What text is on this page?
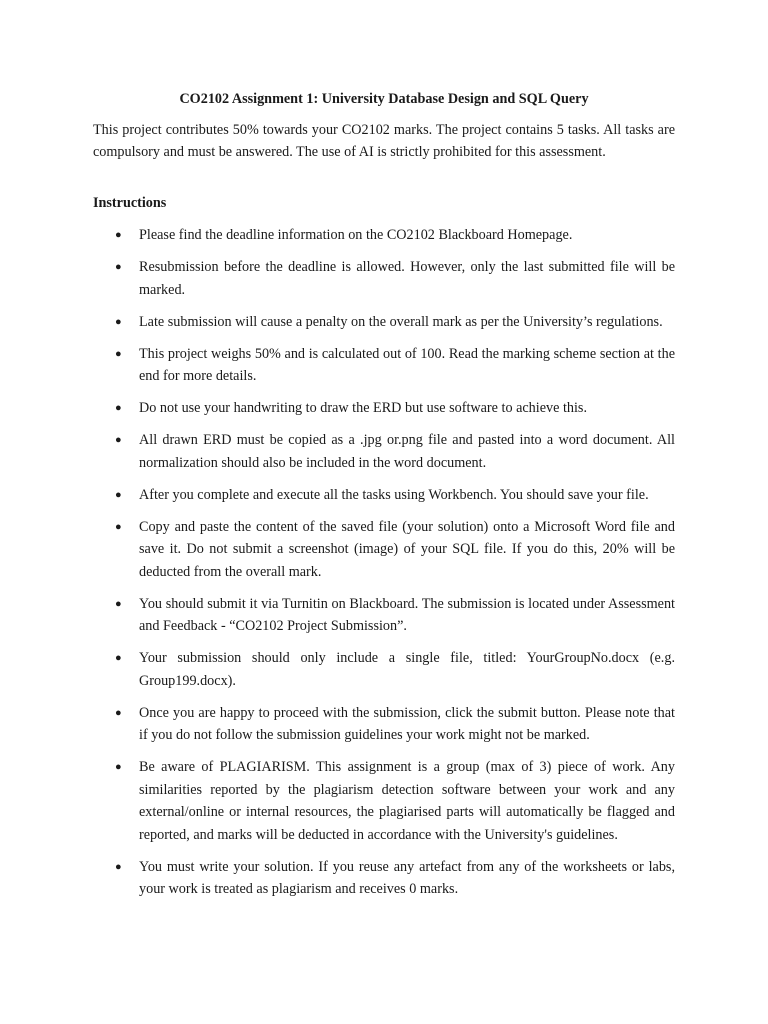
CO2102 Assignment 1: University Database Design and SQL Query

This project contributes 50% towards your CO2102 marks. The project contains 5 tasks. All tasks are compulsory and must be answered. The use of AI is strictly prohibited for this assessment.

Instructions
● Please find the deadline information on the CO2102 Blackboard Homepage.
● Resubmission before the deadline is allowed. However, only the last submitted file will be marked.
● Late submission will cause a penalty on the overall mark as per the University’s regulations.
● This project weighs 50% and is calculated out of 100. Read the marking scheme section at the end for more details.
● Do not use your handwriting to draw the ERD but use software to achieve this.
● All drawn ERD must be copied as a .jpg or.png file and pasted into a word document. All normalization should also be included in the word document.
● After you complete and execute all the tasks using Workbench. You should save your file.
● Copy and paste the content of the saved file (your solution) onto a Microsoft Word file and save it. Do not submit a screenshot (image) of your SQL file. If you do this, 20% will be deducted from the overall mark.
● You should submit it via Turnitin on Blackboard. The submission is located under Assessment and Feedback - “CO2102 Project Submission”.
● Your submission should only include a single file, titled: YourGroupNo.docx (e.g. Group199.docx).
● Once you are happy to proceed with the submission, click the submit button. Please note that if you do not follow the submission guidelines your work might not be marked.
● Be aware of PLAGIARISM. This assignment is a group (max of 3) piece of work. Any similarities reported by the plagiarism detection software between your work and any external/online or internal resources, the plagiarised parts will automatically be flagged and reported, and marks will be deducted in accordance with the University's guidelines.
● You must write your solution. If you reuse any artefact from any of the worksheets or labs, your work is treated as plagiarism and receives 0 marks.
